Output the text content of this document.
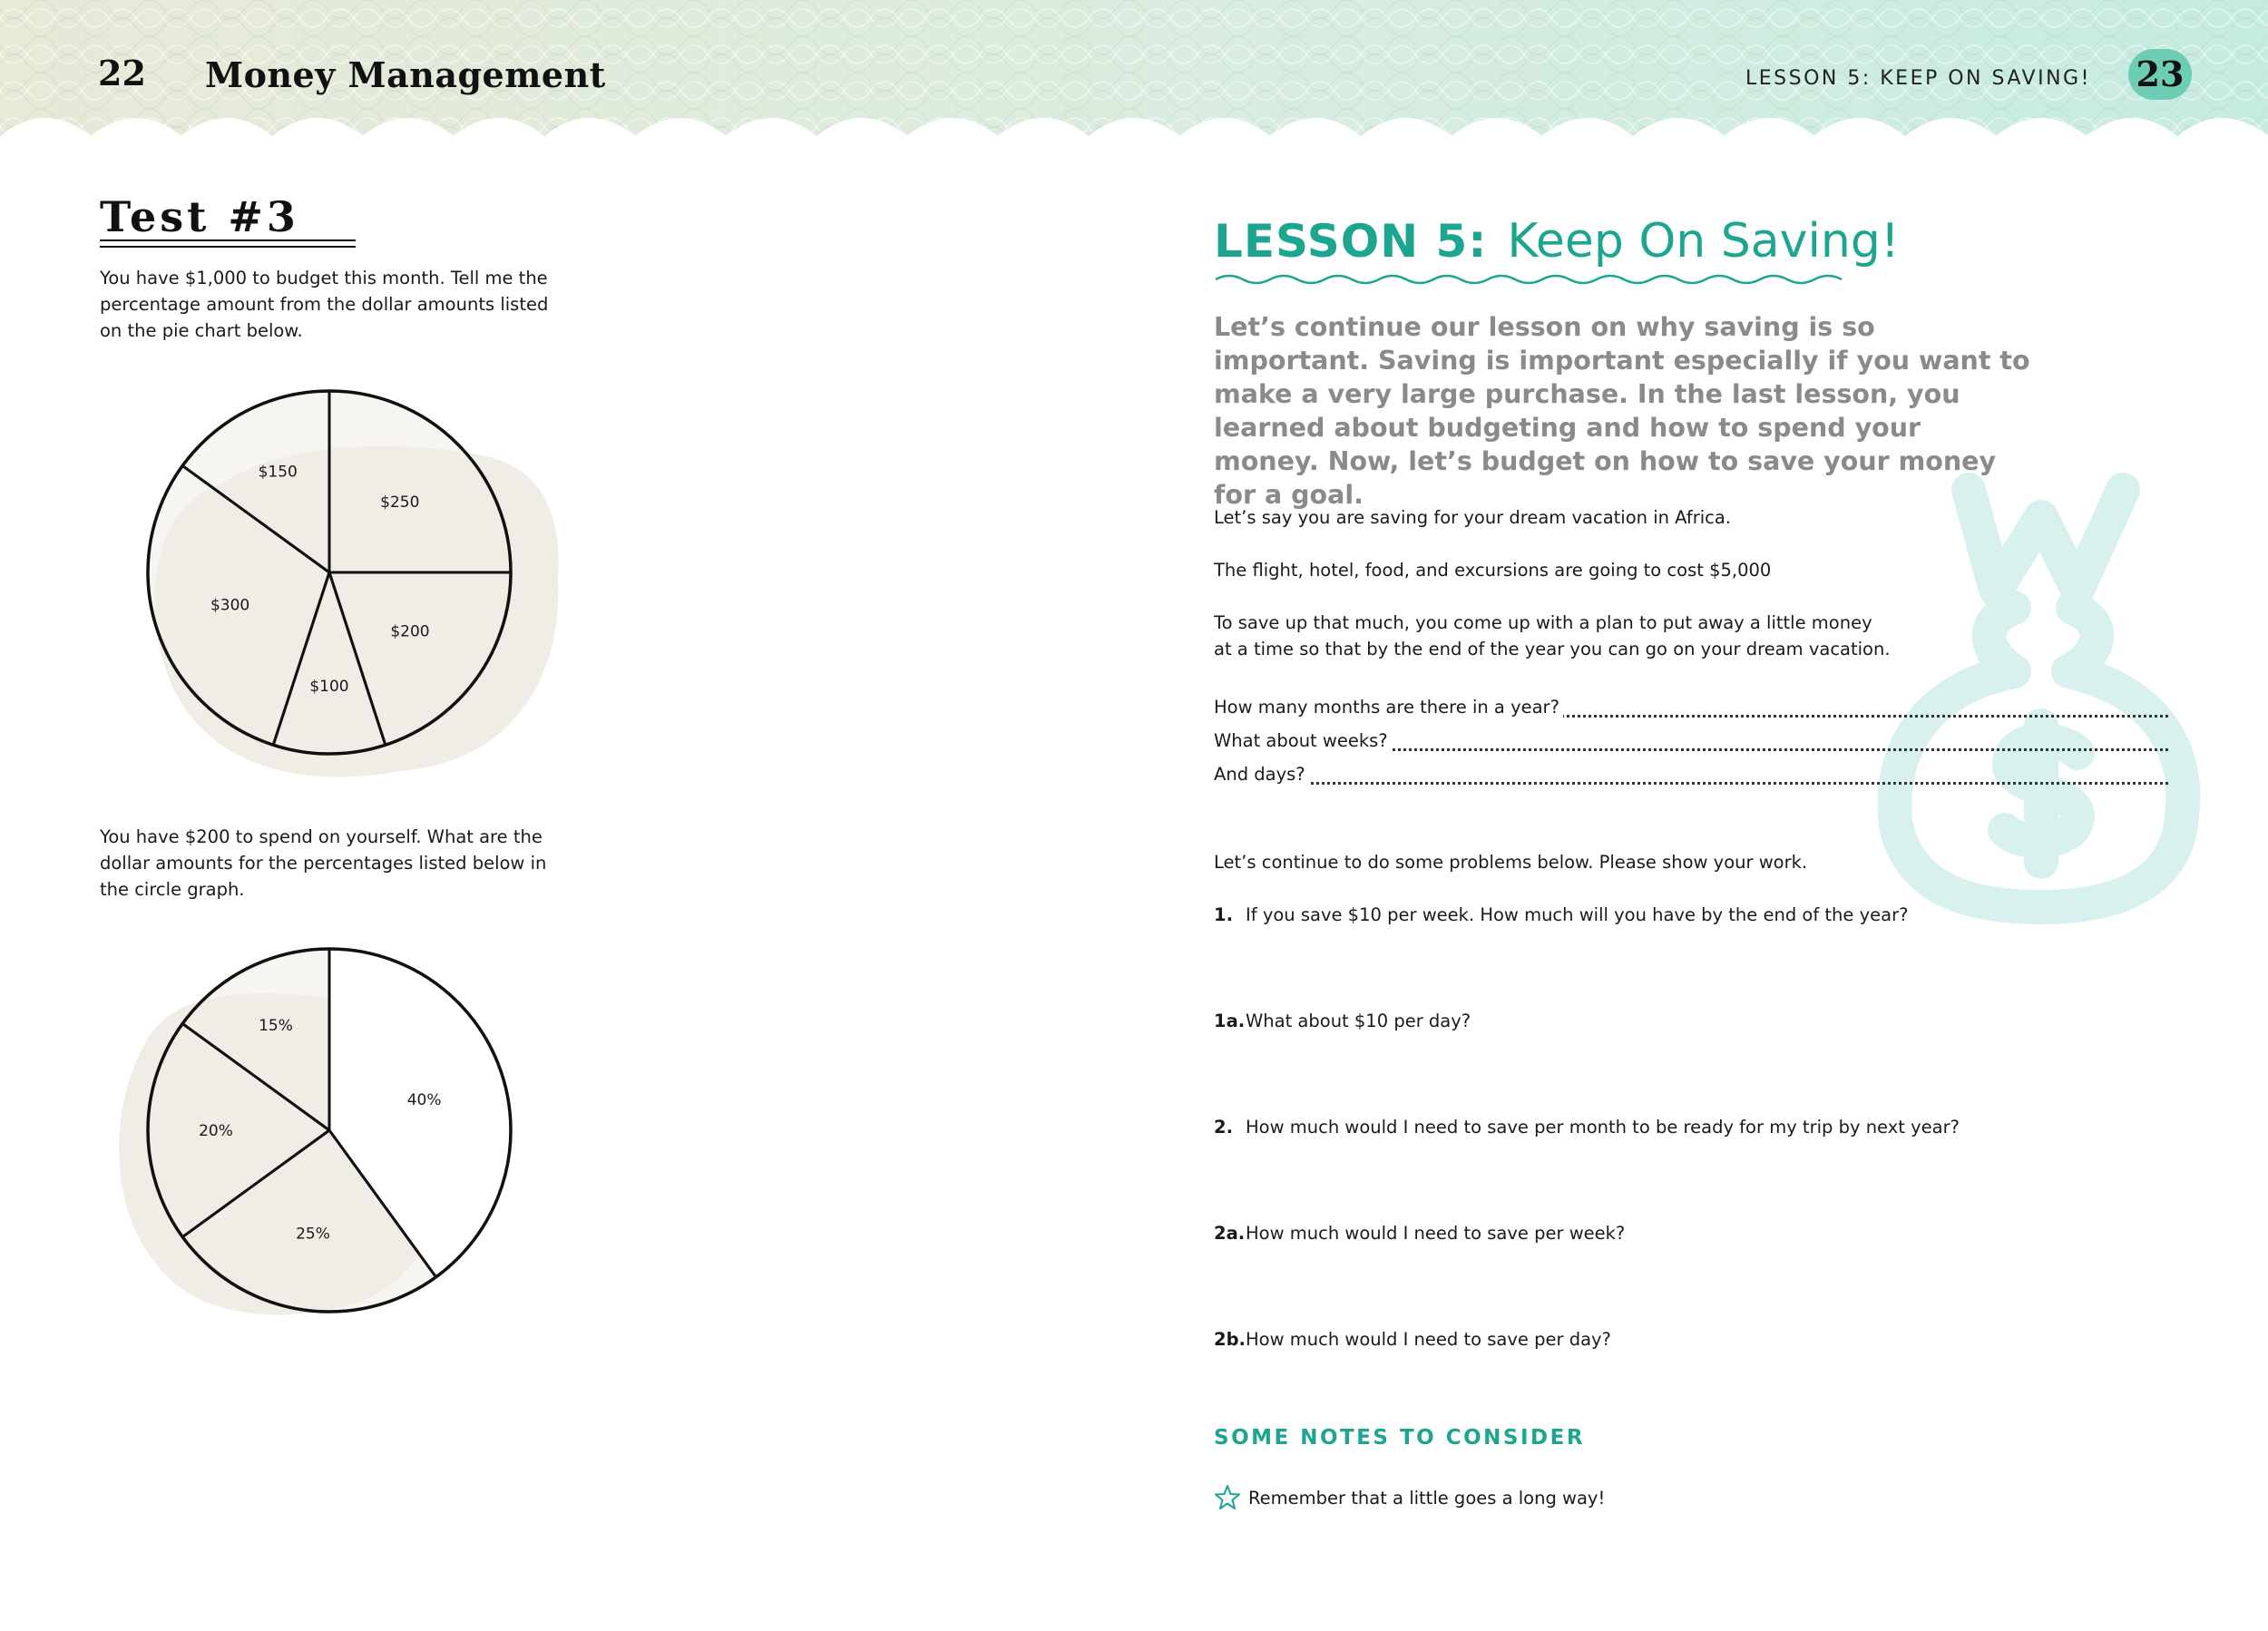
22 Money Management	LESSON 5: KEEP ON SAVING! 23
Test #3
You have $1,000 to budget this month. Tell me the percentage amount from the dollar amounts listed on the pie chart below.
$250
$200
$100
$300
$150
You have $200 to spend on yourself. What are the dollar amounts for the percentages listed below in the circle graph.
40%
25%
20%
15%
LESSON 5: Keep On Saving!
Let’s continue our lesson on why saving is so important. Saving is important especially if you want to make a very large purchase. In the last lesson, you learned about budgeting and how to spend your money. Now, let’s budget on how to save your money for a goal.
Let’s say you are saving for your dream vacation in Africa.
The flight, hotel, food, and excursions are going to cost $5,000
To save up that much, you come up with a plan to put away a little money
at a time so that by the end of the year you can go on your dream vacation.
How many months are there in a year?
What about weeks?
And days?
Let’s continue to do some problems below. Please show your work.
1. If you save $10 per week. How much will you have by the end of the year?
1a.What about $10 per day?
2. How much would I need to save per month to be ready for my trip by next year?
2a.How much would I need to save per week?
2b.How much would I need to save per day?
SOME NOTES TO CONSIDER
Remember that a little goes a long way!
